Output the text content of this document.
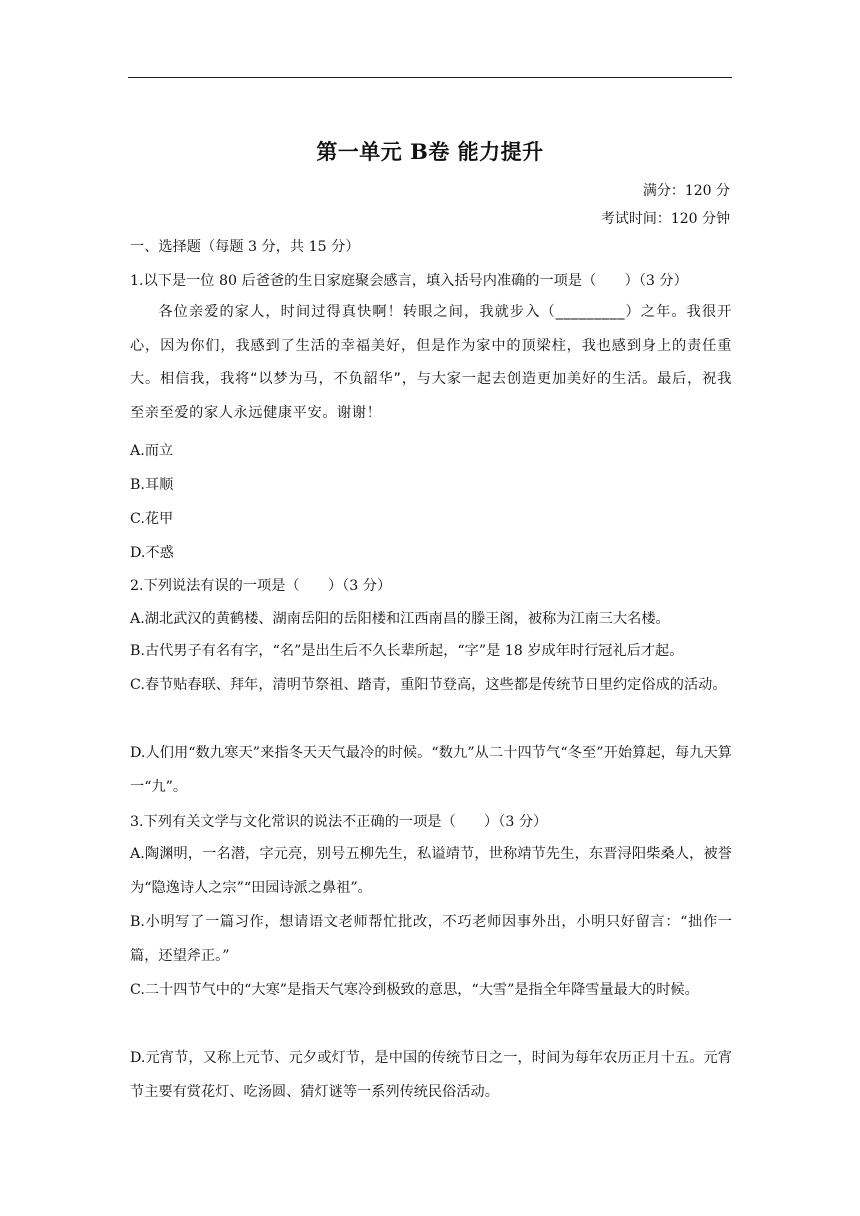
第一单元 B卷 能力提升
满分：120 分
考试时间：120 分钟
一、选择题（每题 3 分，共 15 分）
1.以下是一位 80 后爸爸的生日家庭聚会感言，填入括号内准确的一项是（　　）（3 分）
各位亲爱的家人，时间过得真快啊！转眼之间，我就步入（_________）之年。我很开心，因为你们，我感到了生活的幸福美好，但是作为家中的顶梁柱，我也感到身上的责任重大。相信我，我将“以梦为马，不负韶华”，与大家一起去创造更加美好的生活。最后，祝我至亲至爱的家人永远健康平安。谢谢！
A.而立
B.耳顺
C.花甲
D.不惑
2.下列说法有误的一项是（　　）（3 分）
A.湖北武汉的黄鹤楼、湖南岳阳的岳阳楼和江西南昌的滕王阁，被称为江南三大名楼。
B.古代男子有名有字，“名”是出生后不久长辈所起，“字”是 18 岁成年时行冠礼后才起。
C.春节贴春联、拜年，清明节祭祖、踏青，重阳节登高，这些都是传统节日里约定俗成的活动。
D.人们用“数九寒天”来指冬天天气最冷的时候。“数九”从二十四节气“冬至”开始算起，每九天算一“九”。
3.下列有关文学与文化常识的说法不正确的一项是（　　）（3 分）
A.陶渊明，一名潜，字元亮，别号五柳先生，私谥靖节，世称靖节先生，东晋浔阳柴桑人，被誉为“隐逸诗人之宗”“田园诗派之鼻祖”。
B.小明写了一篇习作，想请语文老师帮忙批改，不巧老师因事外出，小明只好留言：“拙作一篇，还望斧正。”
C.二十四节气中的“大寒”是指天气寒冷到极致的意思，“大雪”是指全年降雪量最大的时候。
D.元宵节，又称上元节、元夕或灯节，是中国的传统节日之一，时间为每年农历正月十五。元宵节主要有赏花灯、吃汤圆、猜灯谜等一系列传统民俗活动。
